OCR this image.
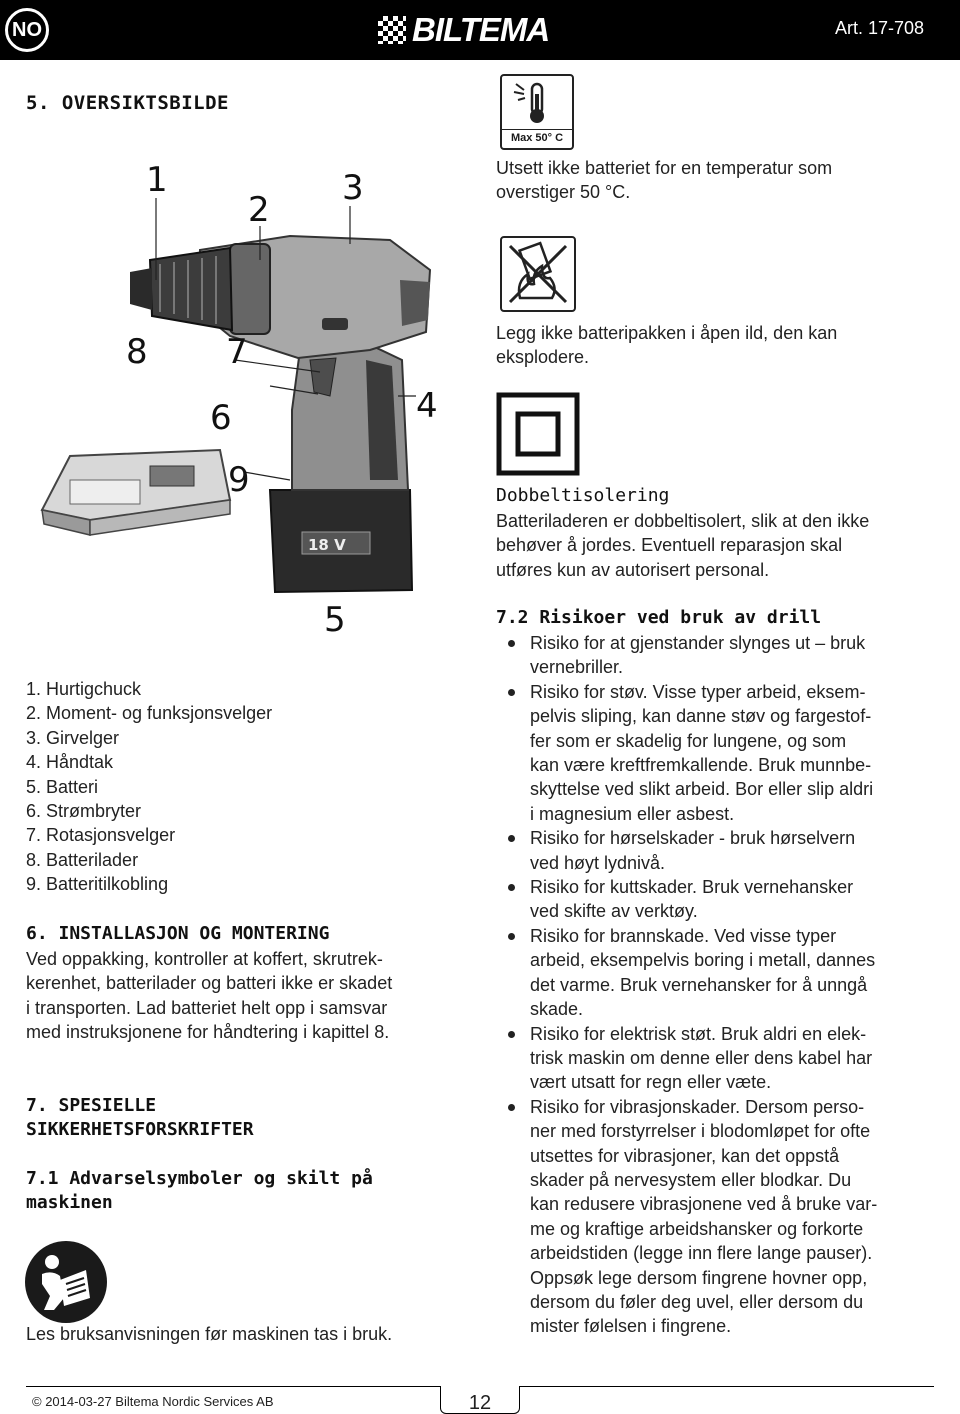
NO	BILTEMA	Art. 17-708
5. OVERSIKTSBILDE
18 V
1
2
3
4
5
6
7
8
9
1. Hurtigchuck
2. Moment- og funksjonsvelger
3. Girvelger
4. Håndtak
5. Batteri
6. Strømbryter
7. Rotasjonsvelger
8. Batterilader
9. Batteritilkobling
6. INSTALLASJON OG MONTERING
Ved oppakking, kontroller at koffert, skrutrek-
kerenhet, batterilader og batteri ikke er skadet
i transporten. Lad batteriet helt opp i samsvar
med instruksjonene for håndtering i kapittel 8.
7. SPESIELLE
SIKKERHETSFORSKRIFTER
7.1 Advarselsymboler og skilt på
maskinen
Les bruksanvisningen før maskinen tas i bruk.
Max 50° C
Utsett ikke batteriet for en temperatur som
overstiger 50 °C.
Legg ikke batteripakken i åpen ild, den kan
eksplodere.
Dobbeltisolering
Batteriladeren er dobbeltisolert, slik at den ikke
behøver å jordes. Eventuell reparasjon skal
utføres kun av autorisert personal.
7.2 Risikoer ved bruk av drill
Risiko for at gjenstander slynges ut – bruk
vernebriller.
Risiko for støv. Visse typer arbeid, eksem-
pelvis sliping, kan danne støv og fargestof-
fer som er skadelig for lungene, og som
kan være kreftfremkallende. Bruk munnbe-
skyttelse ved slikt arbeid. Bor eller slip aldri
i magnesium eller asbest.
Risiko for hørselskader - bruk hørselvern
ved høyt lydnivå.
Risiko for kuttskader. Bruk vernehansker
ved skifte av verktøy.
Risiko for brannskade. Ved visse typer
arbeid, eksempelvis boring i metall, dannes
det varme. Bruk vernehansker for å unngå
skade.
Risiko for elektrisk støt. Bruk aldri en elek-
trisk maskin om denne eller dens kabel har
vært utsatt for regn eller væte.
Risiko for vibrasjonskader. Dersom perso-
ner med forstyrrelser i blodomløpet for ofte
utsettes for vibrasjoner, kan det oppstå
skader på nervesystem eller blodkar. Du
kan redusere vibrasjonene ved å bruke var-
me og kraftige arbeidshansker og forkorte
arbeidstiden (legge inn flere lange pauser).
Oppsøk lege dersom fingrene hovner opp,
dersom du føler deg uvel, eller dersom du
mister følelsen i fingrene.
© 2014-03-27 Biltema Nordic Services AB	12
